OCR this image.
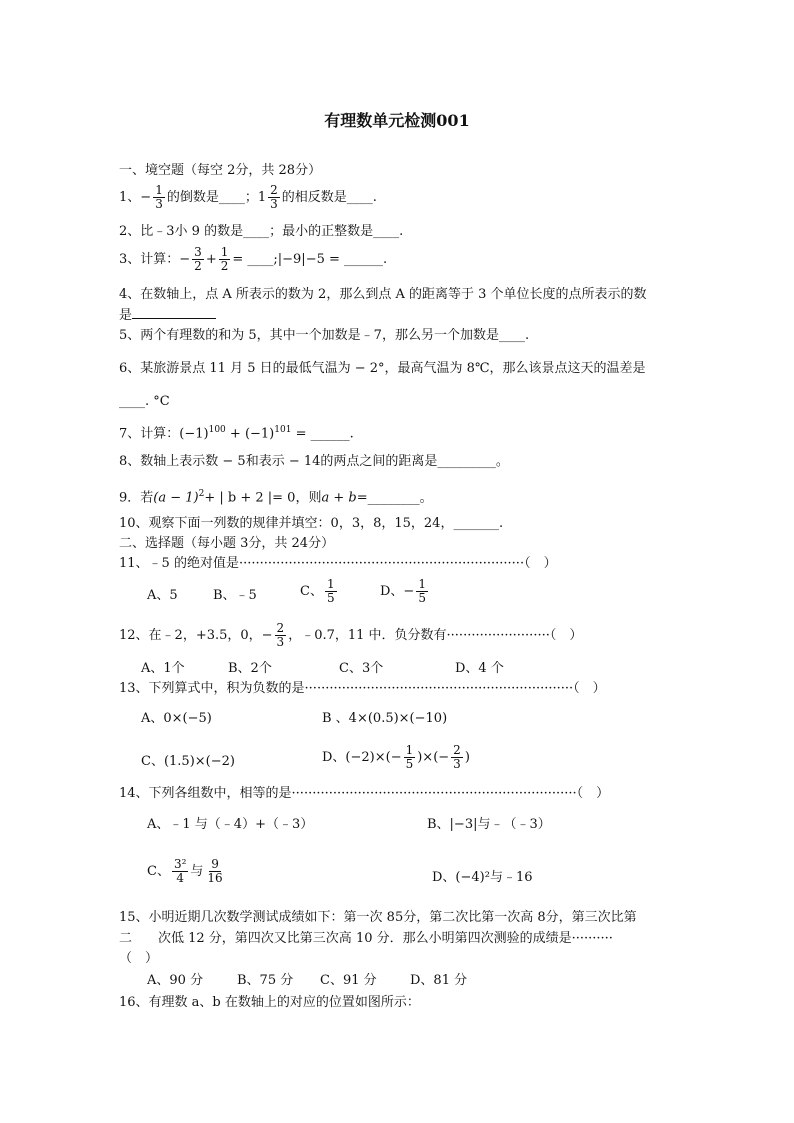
有理数单元检测001
一、境空题（每空 2分，共 28分）
1、− $\frac{1}{3}$ 的倒数是____；$1 \frac{2}{3}$ 的相反数是____.
2、比﹣3小 9 的数是____；最小的正整数是____.
3、计算：− $\frac{3}{2} + \frac{1}{2}$ = ____;|−9|−5 = ______.
4、在数轴上，点 A 所表示的数为 2，那么到点 A 的距离等于 3 个单位长度的点所表示的数
是
5、两个有理数的和为 5，其中一个加数是﹣7，那么另一个加数是____.
6、某旅游景点 11 月 5 日的最低气温为 − 2°，最高气温为 8℃，那么该景点这天的温差是
____. °C
7、计算：$(-1)^{100} + (-1)^{101}$ = ______.
8、数轴上表示数 − 5和表示 − 14的两点之间的距离是_________。
9．若$(a - 1)^2+$ | b + 2 |= 0，则a + b=________。
10、观察下面一列数的规律并填空：0，3，8，15，24，_______.
二、选择题（每小题 3分，共 24分）
11、﹣5 的绝对值是·····································································（　）
A、5	B、﹣5	C、 $\frac{1}{5}$	D、− $\frac{1}{5}$
12、在﹣2，+3.5，0，− $\frac{2}{3}$ ，﹣0.7，11 中．负分数有·························（　）
A、1个	B、2个	C、3个	D、4 个
13、下列算式中，积为负数的是·································································（　）
A、0×(−5)	B 、4×(0.5)×(−10)
C、(1.5)×(−2)	D、$(-2)\times(- \frac{1}{5}$ )×(− $\frac{2}{3}$ )
14、下列各组数中，相等的是·····································································（　）
A、﹣1 与（﹣4）+（﹣3）	B、|−3|与﹣（﹣3）
C、 $\frac{\text{3²}}{4}$ 与 $\frac{9}{16}$	D、(−4)²与﹣16
15、小明近期几次数学测试成绩如下：第一次 85分，第二次比第一次高 8分，第三次比第
二　　次低 12 分，第四次又比第三次高 10 分．那么小明第四次测验的成绩是··········
（　）
A、90 分	B、75 分 C、91 分	D、81 分
16、有理数 a、b 在数轴上的对应的位置如图所示：
